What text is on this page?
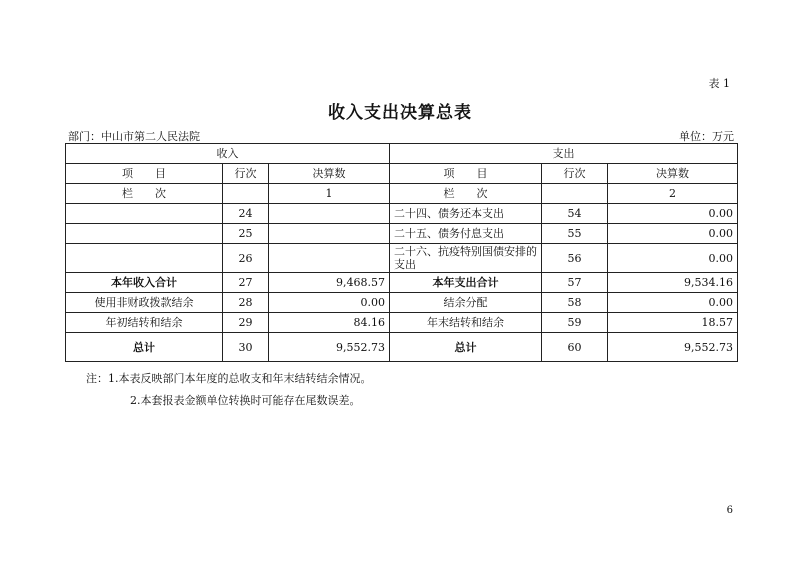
表 1
收入支出决算总表
部门：中山市第二人民法院	单位：万元
收入			支出		
项　　目	行次	决算数	项　　目	行次	决算数
栏　　次		1	栏　　次		2
	24		二十四、债务还本支出	54	0.00
	25		二十五、债务付息支出	55	0.00
	26		二十六、抗疫特别国债安排的支出	56	0.00
本年收入合计	27	9,468.57	本年支出合计	57	9,534.16
使用非财政拨款结余	28	0.00	结余分配	58	0.00
年初结转和结余	29	84.16	年末结转和结余	59	18.57
总计	30	9,552.73	总计	60	9,552.73
注：1.本表反映部门本年度的总收支和年末结转结余情况。
2.本套报表金额单位转换时可能存在尾数误差。
6
